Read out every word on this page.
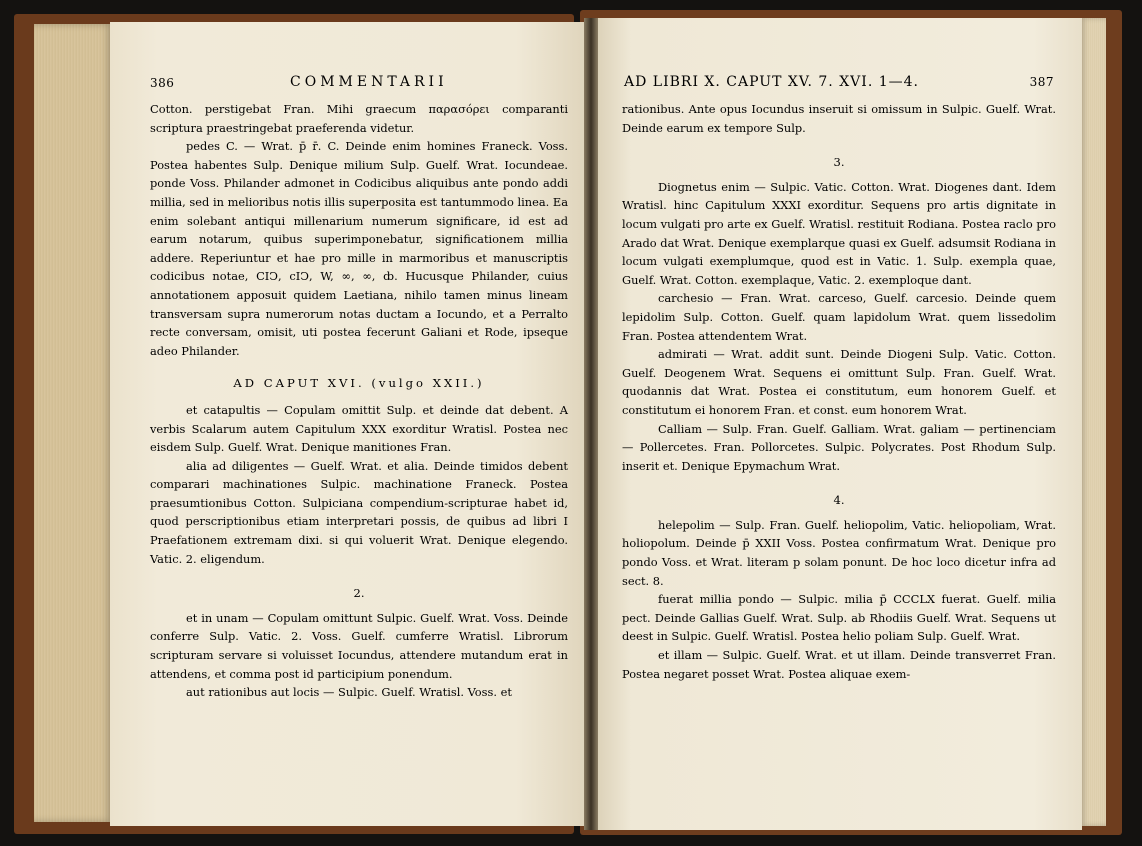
386	COMMENTARII	AD LIBRI X. CAPUT XV. 7. XVI. 1—4.	387

Cotton. perstigebat Fran. Mihi graecum παρασόρει comparanti scriptura praestringebat praeferenda videtur.

pedes C. — Wrat. p̄ r̄. C. Deinde enim homines Franeck. Voss. Postea habentes Sulp. Denique milium Sulp. Guelf. Wrat. Iocundeae. ponde Voss. Philander admonet in Codicibus aliquibus ante pondo addi millia, sed in melioribus notis illis superposita est tantummodo linea. Ea enim solebant antiqui millenarium numerum significare, id est ad earum notarum, quibus superimponebatur, significationem millia addere. Reperiuntur et hae pro mille in marmoribus et manuscriptis codicibus notae, CIↃ, cIↃ, W, ∞, ∞, ȸ. Hucusque Philander, cuius annotationem apposuit quidem Laetiana, nihilo tamen minus lineam transversam supra numerorum notas ductam a Iocundo, et a Perralto recte conversam, omisit, uti postea fecerunt Galiani et Rode, ipseque adeo Philander.

AD CAPUT XVI. (vulgo XXII.)

et catapultis — Copulam omittit Sulp. et deinde dat debent. A verbis Scalarum autem Capitulum XXX exorditur Wratisl. Postea nec eisdem Sulp. Guelf. Wrat. Denique manitiones Fran.

alia ad diligentes — Guelf. Wrat. et alia. Deinde timidos debent comparari machinationes Sulpic. machinatione Franeck. Postea praesumtionibus Cotton. Sulpiciana compendium-scripturae habet id, quod perscriptionibus etiam interpretari possis, de quibus ad libri I Praefationem extremam dixi. si qui voluerit Wrat. Denique elegendo. Vatic. 2. eligendum.

2.

et in unam — Copulam omittunt Sulpic. Guelf. Wrat. Voss. Deinde conferre Sulp. Vatic. 2. Voss. Guelf. cumferre Wratisl. Librorum scripturam servare si voluisset Iocundus, attendere mutandum erat in attendens, et comma post id participium ponendum.

aut rationibus aut locis — Sulpic. Guelf. Wratisl. Voss. et

rationibus. Ante opus Iocundus inseruit si omissum in Sulpic. Guelf. Wrat. Deinde earum ex tempore Sulp.

3.

Diognetus enim — Sulpic. Vatic. Cotton. Wrat. Diogenes dant. Idem Wratisl. hinc Capitulum XXXI exorditur. Sequens pro artis dignitate in locum vulgati pro arte ex Guelf. Wratisl. restituit Rodiana. Postea raclo pro Arado dat Wrat. Denique exemplarque quasi ex Guelf. adsumsit Rodiana in locum vulgati exemplumque, quod est in Vatic. 1. Sulp. exempla quae, Guelf. Wrat. Cotton. exemplaque, Vatic. 2. exemploque dant.

carchesio — Fran. Wrat. carceso, Guelf. carcesio. Deinde quem lepidolim Sulp. Cotton. Guelf. quam lapidolum Wrat. quem lissedolim Fran. Postea attendentem Wrat.

admirati — Wrat. addit sunt. Deinde Diogeni Sulp. Vatic. Cotton. Guelf. Deogenem Wrat. Sequens ei omittunt Sulp. Fran. Guelf. Wrat. quodannis dat Wrat. Postea ei constitutum, eum honorem Guelf. et constitutum ei honorem Fran. et const. eum honorem Wrat.

Calliam — Sulp. Fran. Guelf. Galliam. Wrat. galiam — pertinenciam — Pollercetes. Fran. Pollorcetes. Sulpic. Polycrates. Post Rhodum Sulp. inserit et. Denique Epymachum Wrat.

4.

helepolim — Sulp. Fran. Guelf. heliopolim, Vatic. heliopoliam, Wrat. holiopolum. Deinde p̄ XXII Voss. Postea confirmatum Wrat. Denique pro pondo Voss. et Wrat. literam p solam ponunt. De hoc loco dicetur infra ad sect. 8.

fuerat millia pondo — Sulpic. milia p̄ CCCLX fuerat. Guelf. milia pect. Deinde Gallias Guelf. Wrat. Sulp. ab Rhodiis Guelf. Wrat. Sequens ut deest in Sulpic. Guelf. Wratisl. Postea helio poliam Sulp. Guelf. Wrat.

et illam — Sulpic. Guelf. Wrat. et ut illam. Deinde transverret Fran. Postea negaret posset Wrat. Postea aliquae exem-
